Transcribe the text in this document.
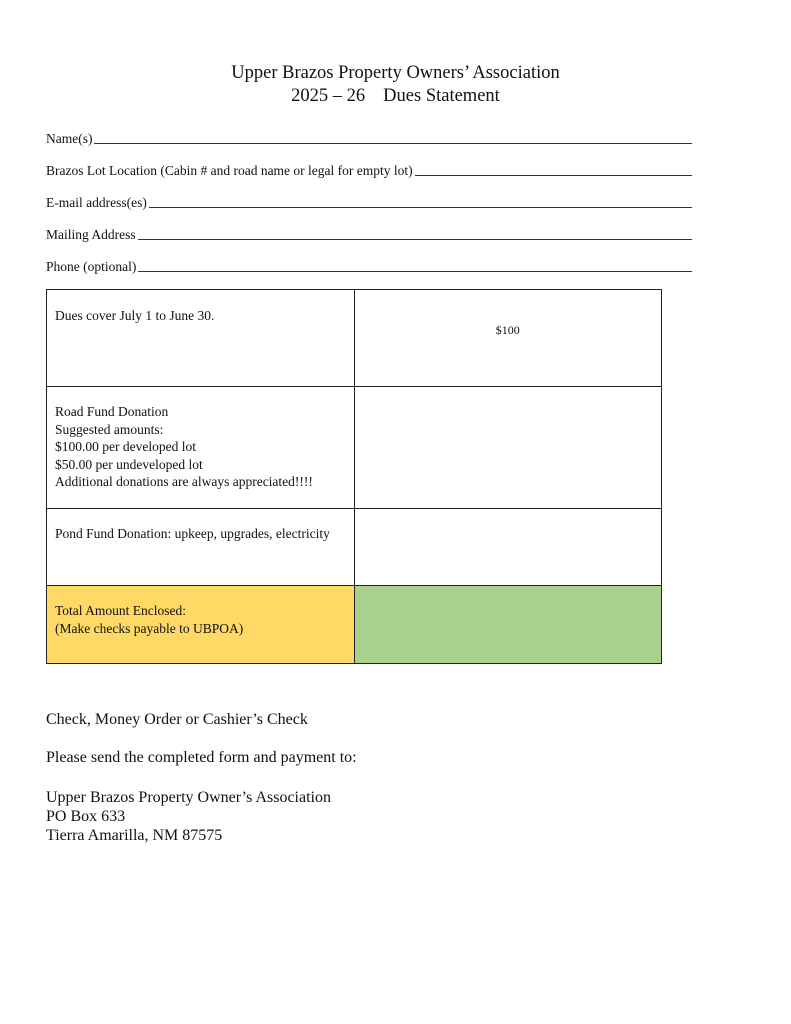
Upper Brazos Property Owners’ Association
2025 – 26 Dues Statement
Name(s)
Brazos Lot Location (Cabin # and road name or legal for empty lot)
E-mail address(es)
Mailing Address
Phone (optional)
Dues cover July 1 to June 30.	$100

Road Fund Donation
Suggested amounts:
$100.00 per developed lot
$50.00 per undeveloped lot
Additional donations are always appreciated!!!!	

Pond Fund Donation: upkeep, upgrades, electricity	

Total Amount Enclosed:
(Make checks payable to UBPOA)	

Check, Money Order or Cashier’s Check
Please send the completed form and payment to:
Upper Brazos Property Owner’s Association
PO Box 633
Tierra Amarilla, NM 87575
